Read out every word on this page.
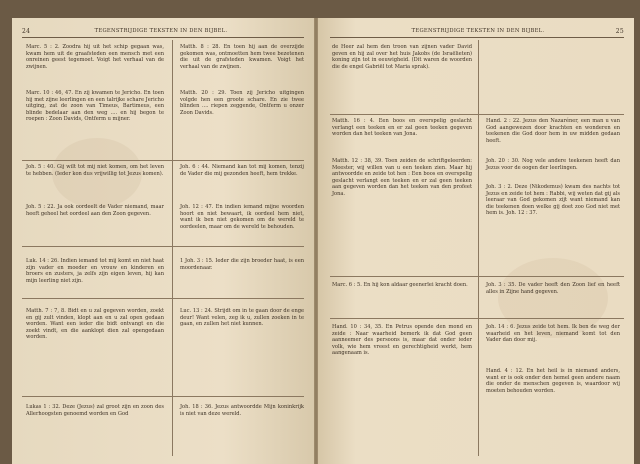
24	TEGENSTRIJDIGE TEKSTEN IN DEN BIJBEL.

Marc. 5 : 2. Zoodra hij uit het schip gegaan was, kwam hem uit de graafsteden een mensch met een onreinen geest tegemoet. Voigt het verhaal van de zwijnen.

Marc. 10 : 46, 47. En zij kwamen te Jericho. En toen hij met zijne leerlingen en een talrijke schare Jericho uitging, zat de zoon van Timeus, Bartimeus, een blinde bedelaar aan den weg .... en hij begon te roepen : Zoon Davids, Ontferm u mijner.

Joh. 5 : 40. Gij wilt tot mij niet komen, om het leven te hebben. (Ieder kon dus vrijwillig tot Jezus komen).

Joh. 5 : 22. Ja ook oordeelt de Vader niemand, maar heeft geheel het oordeel aan den Zoon gegeven.

Luk. 14 : 26. Indien iemand tot mij komt en niet haat zijn vader en moeder en vrouw en kinderen en broers en zusters, ja zelfs zijn eigen leven, hij kan mijn leerling niet zijn.

Matth. 7 : 7, 8. Bidt en u zal gegeven worden, zoekt en gij zult vinden, klopt aan en u zal open gedaan worden. Want een ieder die bidt ontvangt en die zoekt vindt, en die aanklopt dien zal opengedaan worden.

Lukas 1 : 32. Deze (Jezus) zal groot zijn en zoon des Allerhoogsten genoemd worden en God

Matth. 8 : 28. En toen hij aan de overzijde gekomen was, ontmoetten hem twee bezetenen die uit de grafsteden kwamen. Voigt het verhaal van de zwijnen.

Matth. 20 : 29. Toen zij Jericho uitgingen volgde hen een groote schare. En zie twee blinden .... riepen zeggende, Ontferm u onzer Zoon Davids.

Joh. 6 : 44. Niemand kan tot mij komen, tenzij de Vader die mij gezonden heeft, hem trekke.

Joh. 12 : 47. En indien iemand mijne woorden hoort en niet bewaart, ik oordeel hem niet, want ik ben niet gekomen om de wereld te oordeelen, maar om de wereld te behouden.

1 Joh. 3 : 15. Ieder die zijn broeder haat, is een moordenaar.

Luc. 13 : 24. Strijdt om in te gaan door de enge deur! Want velen, zeg ik u, zullen zoeken in te gaan, en zullen het niet kunnen.

Joh. 18 : 36. Jezus antwoordde Mijn koninkrijk is niet van deze wereld.

TEGENSTRIJDIGE TEKSTEN IN DEN BIJBEL.	25

de Heer zal hem den troon van zijnen vader David geven en hij zal over het huis Jakobs (de Israëlieten) koning zijn tot in eeuwigheid. (Dit waren de woorden die de engel Gabriël tot Maria sprak).

Matth. 16 : 4. Een boos en overspelig geslacht verlangt een teeken en er zal geen teeken gegeven worden dan het teeken van Jona.

Matth. 12 : 38, 39. Toen zeiden de schriftgeleerden: Meester, wij willen van u een teeken zien. Maar hij antwoordde en zeide tot hen : Een boos en overspelig geslacht verlangt een teeken en er zal geen teeken aan gegeven worden dan het teeken van den profeet Jona.

Marc. 6 : 5. En hij kon aldaar geenerlei kracht doen.

Hand. 10 : 34, 35. En Petrus opende den mond en zeide : Naar waarheid bemerk ik dat God geen aanneemer des persoons is, maar dat onder ieder volk, wie hem vreest en gerechtigheid werkt, hem aangenaam is.

Hand. 2 : 22. Jezus den Nazaréner, een man u van God aangewezen door krachten en wonderen en teekenen die God door hem in uw midden gedaan heeft.

Joh. 20 : 30. Nog vele andere teekenen heeft dan Jezus voor de oogen der leerlingen.

Joh. 3 : 2. Deze (Nikodemus) kwam des nachts tot Jezus en zeide tot hem : Rabbi, wij weten dat gij als leeraar van God gekomen zijt want niemand kan die teekenen doen welke gij doet zoo God niet met hem is. Joh. 12 : 37.

Joh. 3 : 35. De vader heeft den Zoon lief en heeft alles in Zijne hand gegeven.

Joh. 14 : 6. Jezus zeide tot hem. Ik ben de weg der waarheid en het leven, niemand komt tot den Vader dan door mij.

Hand. 4 : 12. En het heil is in niemand anders, want er is ook onder den hemel geen andere naam die onder de menschen gegeven is, waardoor wij moeten behouden worden.
